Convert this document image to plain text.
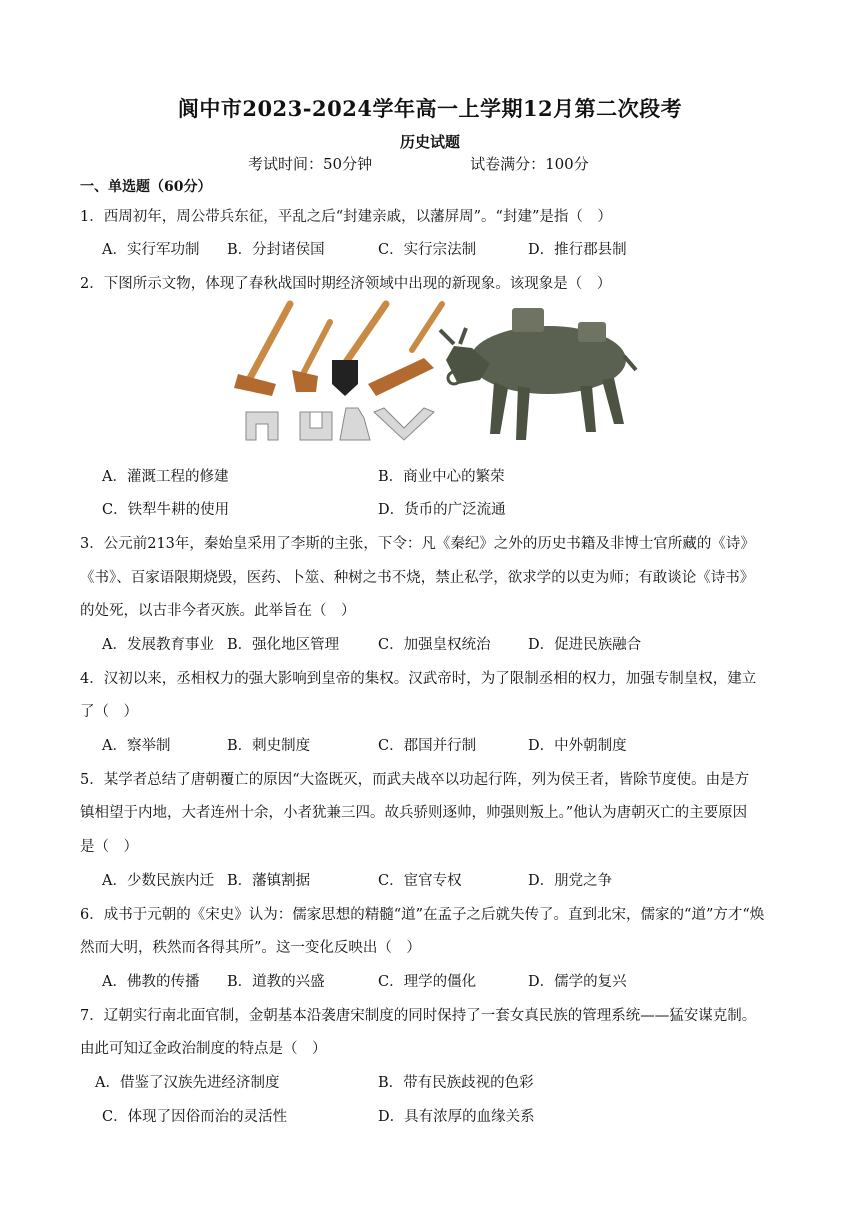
阆中市2023-2024学年高一上学期12月第二次段考
历史试题
考试时间：50分钟	试卷满分：100分
一、单选题（60分）
1．西周初年，周公带兵东征，平乱之后“封建亲戚，以藩屏周”。“封建”是指（　）
A．实行军功制 B．分封诸侯国	C．实行宗法制	D．推行郡县制
2．下图所示文物，体现了春秋战国时期经济领域中出现的新现象。该现象是（　）
A．灌溉工程的修建	B．商业中心的繁荣
C．铁犁牛耕的使用	D．货币的广泛流通
3．公元前213年，秦始皇采用了李斯的主张，下令：凡《秦纪》之外的历史书籍及非博士官所藏的《诗》
《书》、百家语限期烧毁，医药、卜筮、种树之书不烧，禁止私学，欲求学的以吏为师；有敢谈论《诗书》
的处死，以古非今者灭族。此举旨在（　）
A．发展教育事业 B．强化地区管理	C．加强皇权统治	D．促进民族融合
4．汉初以来，丞相权力的强大影响到皇帝的集权。汉武帝时，为了限制丞相的权力，加强专制皇权，建立
了（　）
A．察举制	B．刺史制度	C．郡国并行制	D．中外朝制度
5．某学者总结了唐朝覆亡的原因“大盗既灭，而武夫战卒以功起行阵，列为侯王者，皆除节度使。由是方
镇相望于内地，大者连州十余，小者犹兼三四。故兵骄则逐帅，帅强则叛上。”他认为唐朝灭亡的主要原因
是（　）
A．少数民族内迁 B．藩镇割据	C．宦官专权	D．朋党之争
6．成书于元朝的《宋史》认为：儒家思想的精髓“道”在孟子之后就失传了。直到北宋，儒家的“道”方才“焕
然而大明，秩然而各得其所”。这一变化反映出（　）
A．佛教的传播 B．道教的兴盛	C．理学的僵化	D．儒学的复兴
7．辽朝实行南北面官制，金朝基本沿袭唐宋制度的同时保持了一套女真民族的管理系统——猛安谋克制。
由此可知辽金政治制度的特点是（　）
A．借鉴了汉族先进经济制度	B．带有民族歧视的色彩
C．体现了因俗而治的灵活性	D．具有浓厚的血缘关系
